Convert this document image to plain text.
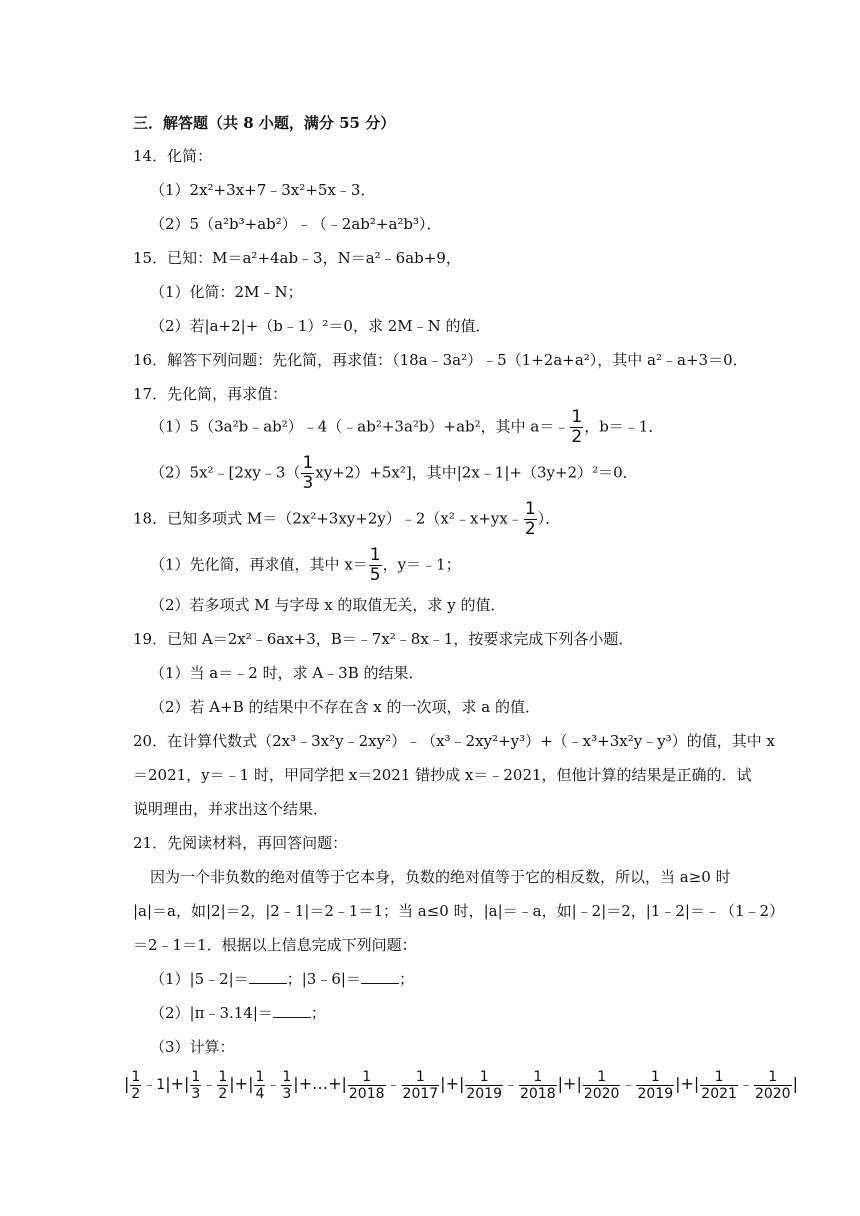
三．解答题（共 8 小题，满分 55 分）
14．化简：
（1）2x²+3x+7﹣3x²+5x﹣3．
（2）5（a²b³+ab²）﹣（﹣2ab²+a²b³）．
15．已知：M＝a²+4ab﹣3，N＝a²﹣6ab+9，
（1）化简：2M﹣N；
（2）若|a+2|+（b﹣1）²＝0，求 2M﹣N 的值．
16．解答下列问题：先化简，再求值：（18a﹣3a²）﹣5（1+2a+a²），其中 a²﹣a+3＝0．
17．先化简，再求值：
（1）5（3a²b﹣ab²）﹣4（﹣ab²+3a²b）+ab²，其中 a＝﹣ $\frac{1}{2}$ ，b＝﹣1．
（2）5x²﹣[2xy﹣3（ $\frac{1}{3} xy+2)+5x^2$]，其中|2x﹣1|+（3y+2）²＝0．
18．已知多项式 M＝（2x²+3xy+2y）﹣2（x²﹣x+yx﹣ $\frac{1}{2}$ ）．
（1）先化简，再求值，其中 $x= \frac{1}{5}$ ，y＝﹣1；
（2）若多项式 M 与字母 x 的取值无关，求 y 的值．
19．已知 A＝2x²﹣6ax+3，B＝﹣7x²﹣8x﹣1，按要求完成下列各小题．
（1）当 a＝﹣2 时，求 A﹣3B 的结果．
（2）若 A+B 的结果中不存在含 x 的一次项，求 a 的值．
20．在计算代数式（2x³﹣3x²y﹣2xy²）﹣（x³﹣2xy²+y³）+（﹣x³+3x²y﹣y³）的值，其中 x
＝2021，y＝﹣1 时，甲同学把 x＝2021 错抄成 x＝﹣2021，但他计算的结果是正确的．试
说明理由，并求出这个结果．
21．先阅读材料，再回答问题：
因为一个非负数的绝对值等于它本身，负数的绝对值等于它的相反数，所以，当 a≥0 时
|a|＝a，如|2|＝2，|2﹣1|＝2﹣1＝1；当 a≤0 时，|a|＝﹣a，如|﹣2|＝2，|1﹣2|＝﹣（1﹣2）
＝2﹣1＝1．根据以上信息完成下列问题：
（1）|5﹣2|＝	；|3﹣6|＝	；
（2）|π﹣3.14|＝	；
（3）计算：
| $\frac{1}{2}$ ﹣1|+| $\frac{1}{3}$ ﹣ $\frac{1}{2}$ |+| $\frac{1}{4}$ ﹣ $\frac{1}{3}$ |+…+| $\frac{1}{2018}$ ﹣ $\frac{1}{2017}$ |+| $\frac{1}{2019}$ ﹣ $\frac{1}{2018}$ |+| $\frac{1}{2020}$ ﹣ $\frac{1}{2019}$ |+| $\frac{1}{2021}$ ﹣ $\frac{1}{2020}$ |
